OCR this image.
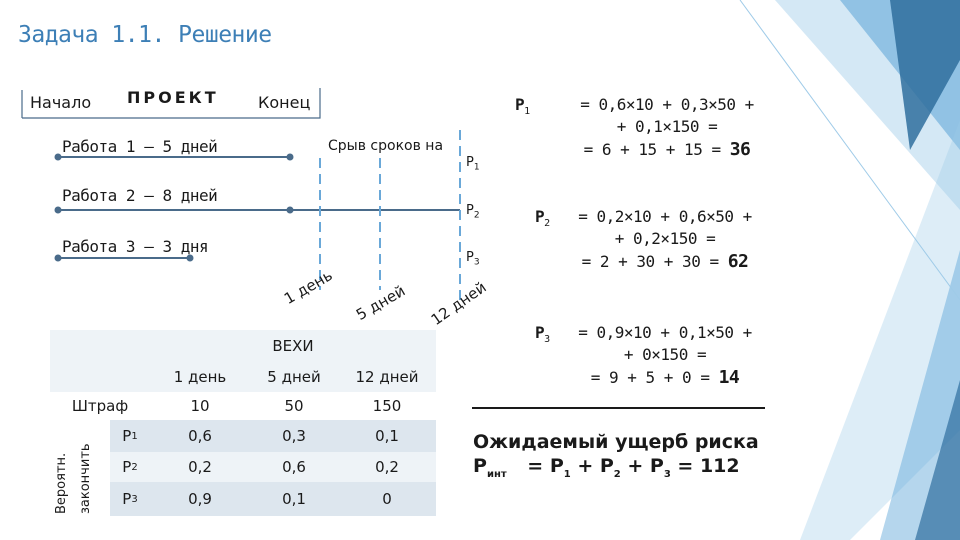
Задача 1.1. Решение
Начало ПРОЕКТ Конец
Срыв сроков на
Работа 1 – 5 дней
Работа 2 – 8 дней
Работа 3 – 3 дня
$P_1$
$P_2$
$P_3$
1 день 5 дней 12 дней
ВЕХИ
1 день	5 дней	12 дней
Штраф	10	50	150
Вероятн. закончить
P 1	0,6	0,3	0,1
P 2	0,2	0,6	0,2
P 3	0,9	0,1	0
$P_1$	= 0,6×10 + 0,3×50 +
+ 0,1×150 =
= 6 + 15 + 15 = 36
$P_2$	= 0,2×10 + 0,6×50 +
+ 0,2×150 =
= 2 + 30 + 30 = 62
$P_3$	= 0,9×10 + 0,1×50 +
+ 0×150 =
= 9 + 5 + 0 = 14
Ожидаемый ущерб риска
$P_{инт} = P_1 + P_2 + P_3 = 112$
